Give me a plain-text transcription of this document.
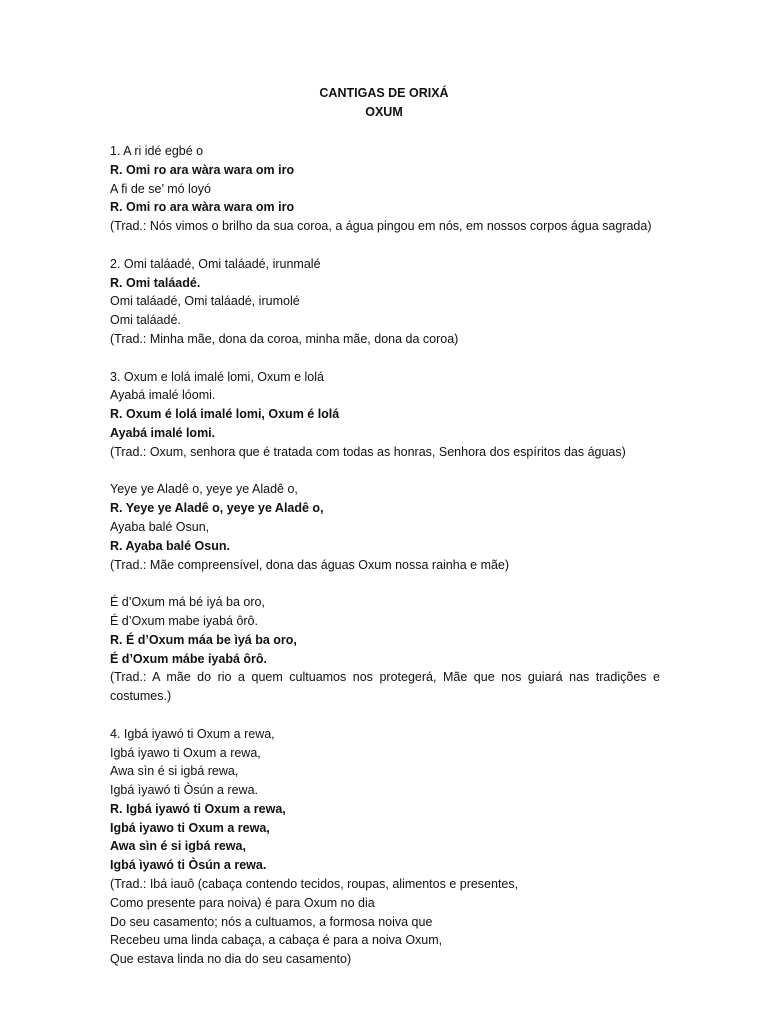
CANTIGAS DE ORIXÁ
OXUM
1. A ri idé egbé o
R. Omi ro ara wàra wara om iro
A fi de se’ mó loyó
R. Omi ro ara wàra wara om iro
(Trad.: Nós vimos o brilho da sua coroa, a água pingou em nós, em nossos corpos água sagrada)
2. Omi taláadé, Omi taláadé, irunmalé
R. Omi taláadé.
Omi taláadé, Omi taláadé, irumolé
Omi taláadé.
(Trad.: Minha mãe, dona da coroa, minha mãe, dona da coroa)
3. Oxum e lolá imalé lomi, Oxum e lolá
Ayabá imalé lóomi.
R. Oxum é lolá imalé lomi, Oxum é lolá
Ayabá imalé lomi.
(Trad.: Oxum, senhora que é tratada com todas as honras, Senhora dos espíritos das águas)
Yeye ye Aladê o, yeye ye Aladê o,
R. Yeye ye Aladê o, yeye ye Aladê o,
Ayaba balé Osun,
R. Ayaba balé Osun.
(Trad.: Mãe compreensível, dona das águas Oxum nossa rainha e mãe)
É d’Oxum má bé iyá ba oro,
É d’Oxum mabe iyabá ôrô.
R. É d’Oxum máa be ìyá ba oro,
É d’Oxum mábe iyabá ôrô.
(Trad.: A mãe do rio a quem cultuamos nos protegerá, Mãe que nos guiará nas tradições e
costumes.)
4. Igbá iyawó ti Oxum a rewa,
Igbá iyawo ti Oxum a rewa,
Awa sìn é si igbá rewa,
Igbá ìyawó ti Òsún a rewa.
R. Igbá iyawó ti Oxum a rewa,
Igbá iyawo ti Oxum a rewa,
Awa sìn é si igbá rewa,
Igbá ìyawó ti Òsún a rewa.
(Trad.: Ibá iauô (cabaça contendo tecidos, roupas, alimentos e presentes,
Como presente para noiva) é para Oxum no dia
Do seu casamento; nós a cultuamos, a formosa noiva que
Recebeu uma linda cabaça, a cabaça é para a noiva Oxum,
Que estava linda no dia do seu casamento)
